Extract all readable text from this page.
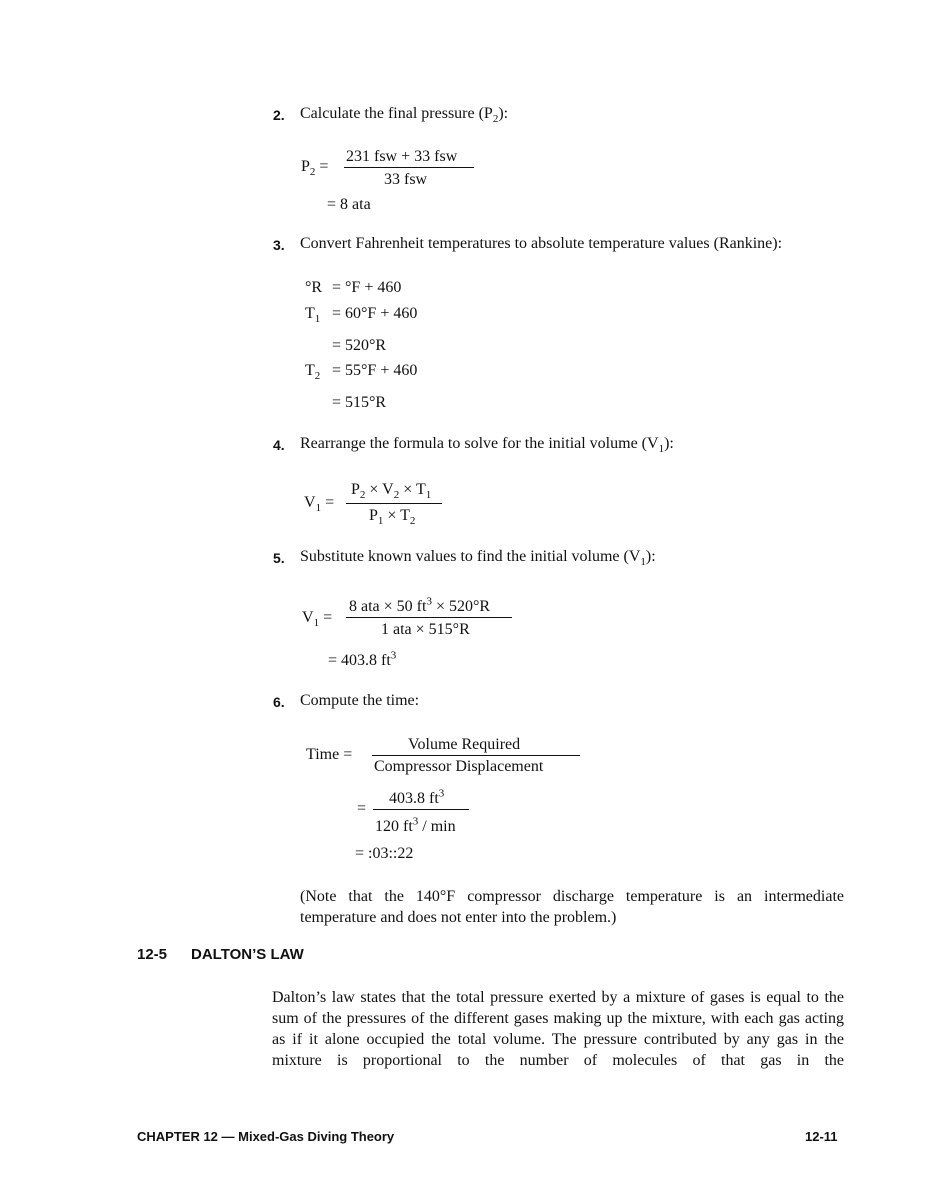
2. Calculate the final pressure $(P_2)$:
$P_2$ =
231 fsw + 33 fsw
33 fsw
= 8 ata
3. Convert Fahrenheit temperatures to absolute temperature values (Rankine):
°R = °F + 460
$T_1 = 60^\circ F + 460$
= 520°R
$T_2 = 55^\circ F + 460$
= 515°R
4. Rearrange the formula to solve for the initial volume $(V_1)$:
$V_1$ =
$P_2 \times V_2 \times T_1$
$P_1 \times T_2$
5. Substitute known values to find the initial volume $(V_1)$:
$V_1$ =
8 ata × 50 $ft^3 \times 520^\circ R$
1 ata × 515°R
= 403.8 $ft^3$
6. Compute the time:
Time =
Volume Required
Compressor Displacement
=
403.8 $ft^3$
120 $ft^3$ / min
= :03::22
(Note that the 140°F compressor discharge temperature is an intermediate temperature and does not enter into the problem.)
12-5 DALTON’S LAW
Dalton’s law states that the total pressure exerted by a mixture of gases is equal to the sum of the pressures of the different gases making up the mixture, with each gas acting as if it alone occupied the total volume. The pressure contributed by any gas in the mixture is proportional to the number of molecules of that gas in the
CHAPTER 12 — Mixed-Gas Diving Theory	12-11
